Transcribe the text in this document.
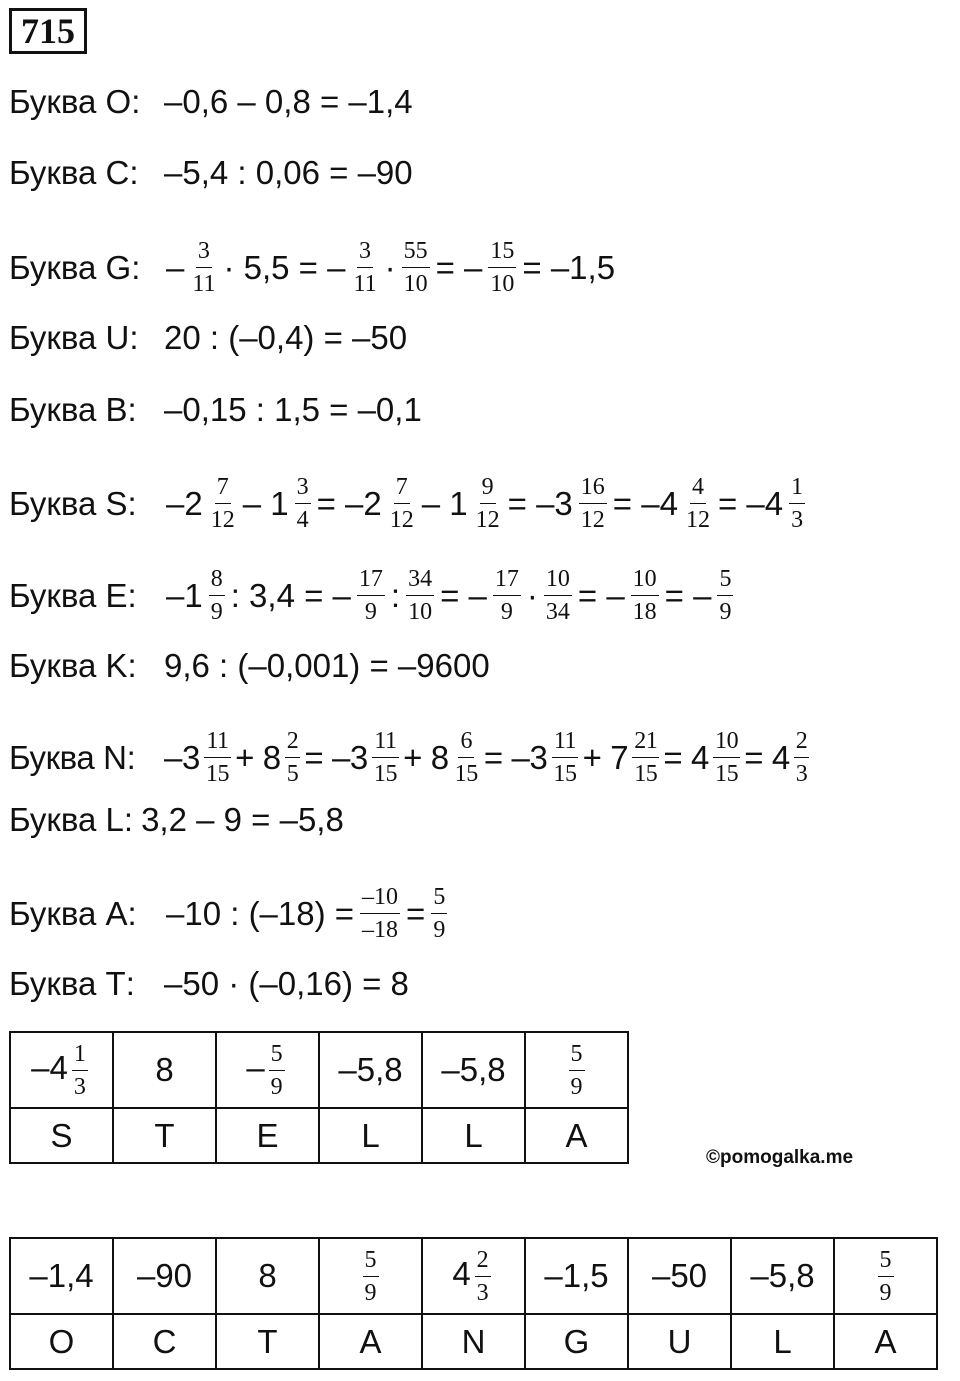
715
Буква О: –0,6 – 0,8 = –1,4
Буква С: –5,4 : 0,06 = –90
Буква G: – $\frac{3}{11} \cdot 5,5$ = – $\frac{3}{11} \cdot \frac{55}{10}$ = – $\frac{15}{10} = -1,5$
Буква U: 20 : (–0,4) = –50
Буква B: –0,15 : 1,5 = –0,1
Буква S: $-2 \frac{7}{12} - 1 \frac{3}{4} = -2 \frac{7}{12} - 1 \frac{9}{12} = -3 \frac{16}{12} = -4 \frac{4}{12} = -4 \frac{1}{3}$
Буква E: $-1 \frac{8}{9}$ : 3,4 = – $\frac{17}{9}$ : $\frac{34}{10}$ = – $\frac{17}{9} \cdot \frac{10}{34}$ = – $\frac{10}{18}$ = – $\frac{5}{9}$
Буква K: 9,6 : (–0,001) = –9600
Буква N: $-3 \frac{11}{15} + 8 \frac{2}{5} = -3 \frac{11}{15} + 8 \frac{6}{15} = -3 \frac{11}{15} + 7 \frac{21}{15} = 4 \frac{10}{15} = 4 \frac{2}{3}$
Буква L: 3,2 – 9 = –5,8
Буква А: –10 : $(-18) = \frac{-10}{-18} = \frac{5}{9}$
Буква Т: –50 · (–0,16) = 8
$-4 \frac{1}{3}$	8	– $\frac{5}{9}$	–5,8	–5,8	$\frac{5}{9}$

S	T	E	L	L	A
©pomogalka.me
–1,4	–90	8	$\frac{5}{9}$	$4 \frac{2}{3}$	–1,5	–50	–5,8	$\frac{5}{9}$

O	C	T	A	N	G	U	L	A
